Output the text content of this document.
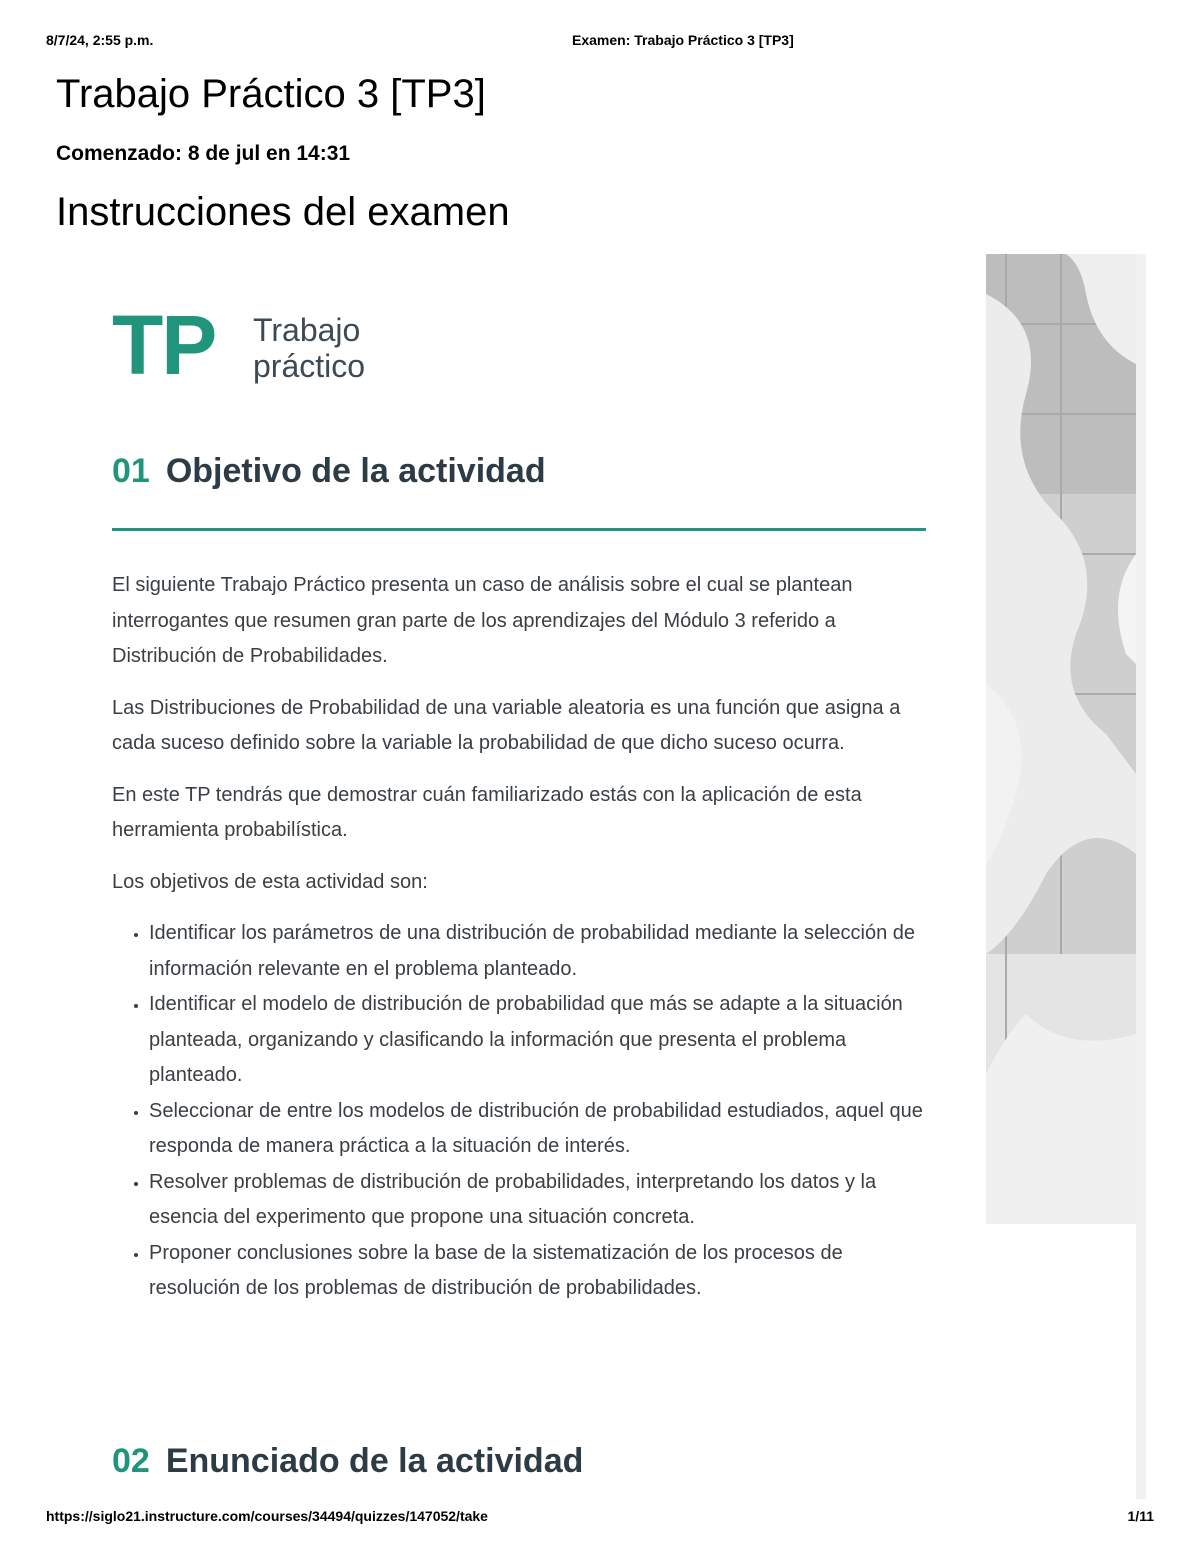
8/7/24, 2:55 p.m.	Examen: Trabajo Práctico 3 [TP3]
Trabajo Práctico 3 [TP3]
Comenzado: 8 de jul en 14:31
Instrucciones del examen
TP Trabajo
práctico
01 Objetivo de la actividad

El siguiente Trabajo Práctico presenta un caso de análisis sobre el cual se plantean interrogantes que resumen gran parte de los aprendizajes del Módulo 3 referido a Distribución de Probabilidades.

Las Distribuciones de Probabilidad de una variable aleatoria es una función que asigna a cada suceso definido sobre la variable la probabilidad de que dicho suceso ocurra.

En este TP tendrás que demostrar cuán familiarizado estás con la aplicación de esta herramienta probabilística.

Los objetivos de esta actividad son:

• Identificar los parámetros de una distribución de probabilidad mediante la selección de información relevante en el problema planteado.
• Identificar el modelo de distribución de probabilidad que más se adapte a la situación planteada, organizando y clasificando la información que presenta el problema planteado.
• Seleccionar de entre los modelos de distribución de probabilidad estudiados, aquel que responda de manera práctica a la situación de interés.
• Resolver problemas de distribución de probabilidades, interpretando los datos y la esencia del experimento que propone una situación concreta.
• Proponer conclusiones sobre la base de la sistematización de los procesos de resolución de los problemas de distribución de probabilidades.
02 Enunciado de la actividad
https://siglo21.instructure.com/courses/34494/quizzes/147052/take	1/11
